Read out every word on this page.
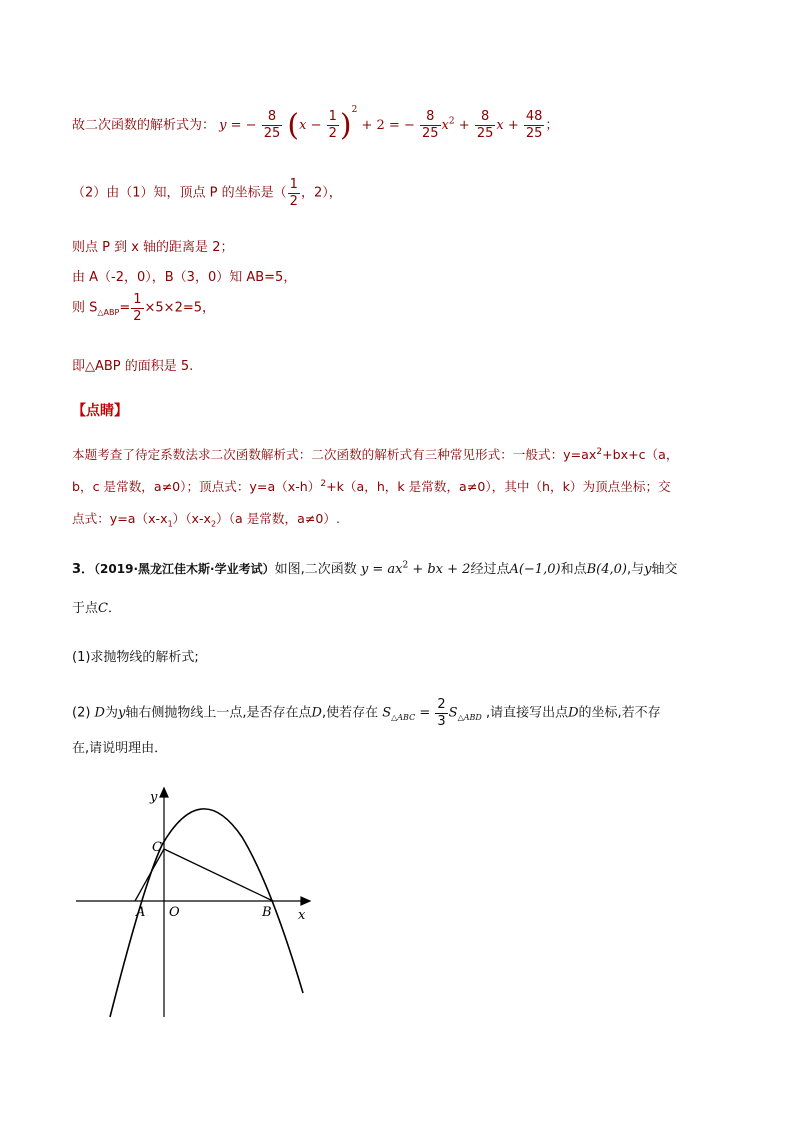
故二次函数的解析式为： y = − $\frac{8}{25} (x - \frac{1}{2} )^2 + 2$ = − $\frac{8}{25} x^2 + \frac{8}{25}$ $x + \frac{48}{25}$ ；
（2）由（1）知，顶点 P 的坐标是（ $\frac{1}{2}$ ，2），
则点 P 到 x 轴的距离是 2；
由 A（-2，0），B（3，0）知 AB=5，
则 $S_{\triangle ABP}= \frac{1}{2} \times 5\times 2=5$，
即△ABP 的面积是 5.
【点睛】
本题考查了待定系数法求二次函数解析式：二次函数的解析式有三种常见形式：一般式：$y=ax^2+bx+c(a$，
b，c 是常数，a≠0）；顶点式：$y=a(x-h)^2+k(a$，h，k 是常数，a≠0），其中（h，k）为顶点坐标；交
点式：$y=a(x-x_1)(x-x_2)(a$ 是常数，a≠0）.
3．（2019·黑龙江佳木斯·学业考试）如图,二次函数 $y = ax^2$ + bx + 2经过点A(−1,0)和点B(4,0),与y轴交
于点C．
(1)求抛物线的解析式;
(2) D为y轴右侧抛物线上一点,是否存在点D,使若存在 $S_{\triangle ABC} = \frac{2}{3} S_{\triangle ABD}$ ,请直接写出点D的坐标,若不存
在,请说明理由．
y
x
A O	B
C
